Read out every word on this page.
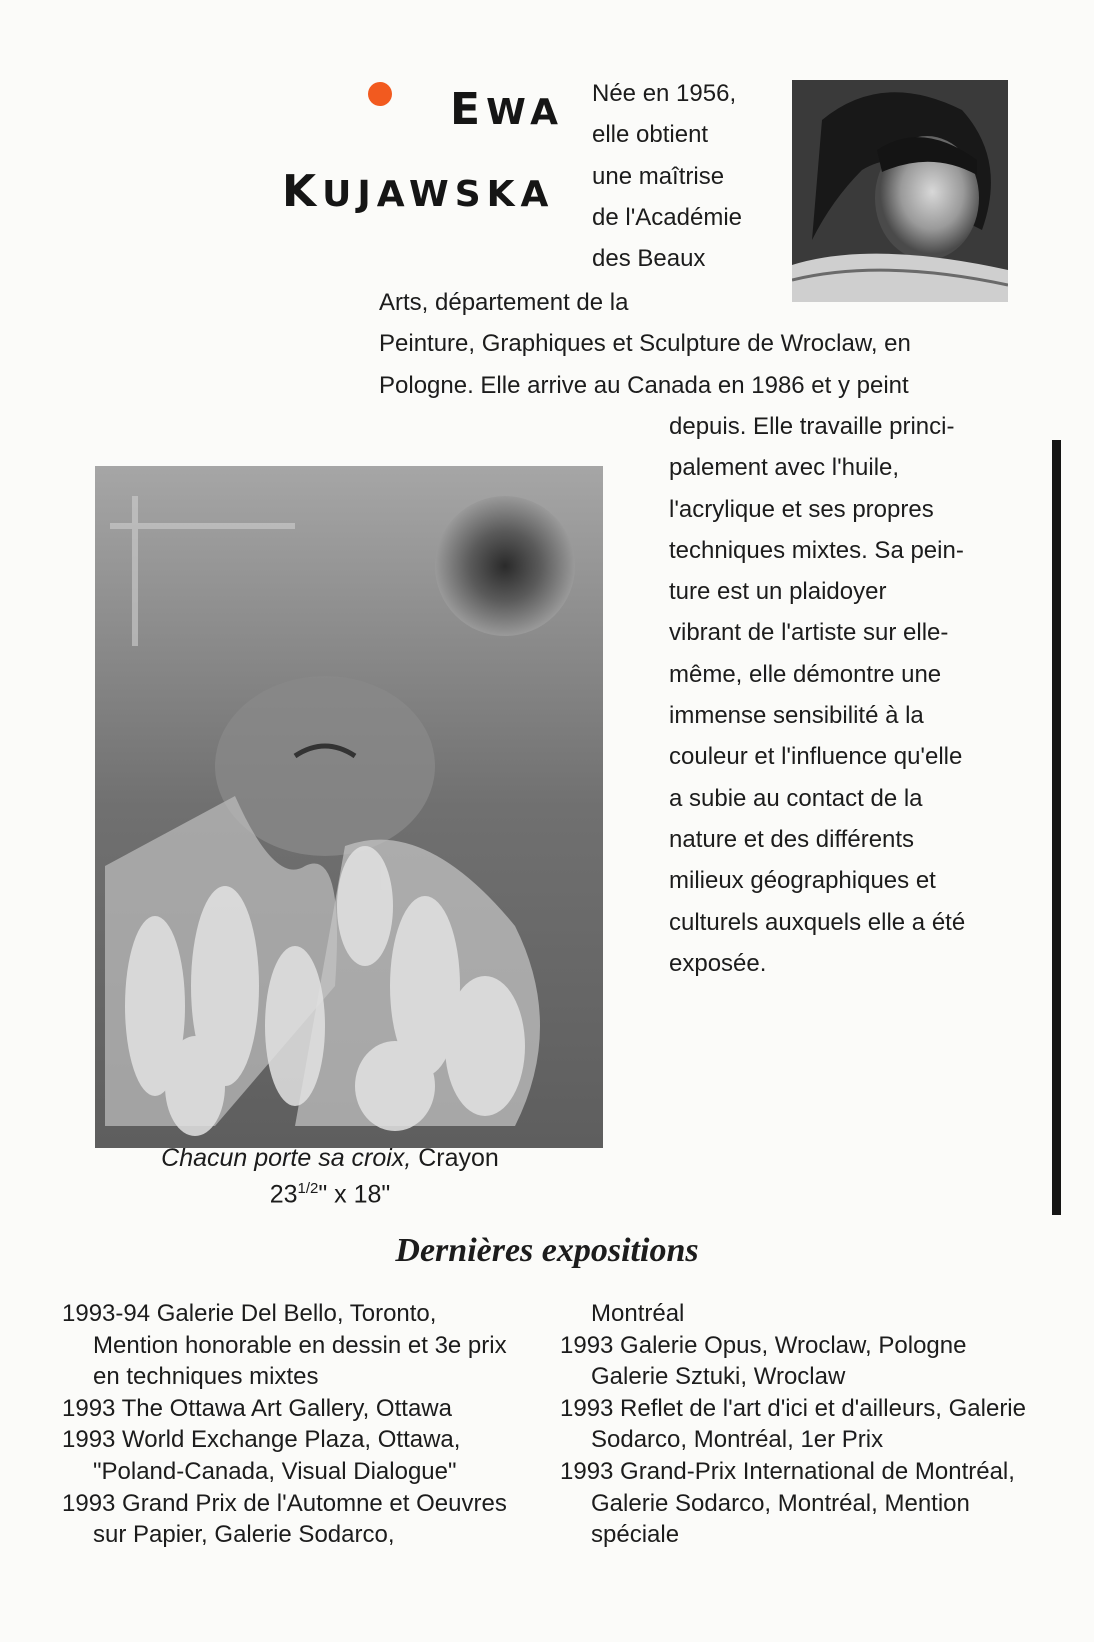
EWA
KUJAWSKA
Née en 1956,
elle obtient
une maîtrise
de l'Académie
des Beaux
Arts, département de la
Peinture, Graphiques et Sculpture de Wroclaw, en
Pologne. Elle arrive au Canada en 1986 et y peint
depuis. Elle travaille princi-
palement avec l'huile,
l'acrylique et ses propres
techniques mixtes. Sa pein-
ture est un plaidoyer
vibrant de l'artiste sur elle-
même, elle démontre une
immense sensibilité à la
couleur et l'influence qu'elle
a subie au contact de la
nature et des différents
milieux géographiques et
culturels auxquels elle a été
exposée.
Chacun porte sa croix, Crayon
$23^{1/2}$" x 18"
Dernières expositions
1993-94 Galerie Del Bello, Toronto, Mention honorable en dessin et 3e prix en techniques mixtes
1993 The Ottawa Art Gallery, Ottawa
1993 World Exchange Plaza, Ottawa, "Poland-Canada, Visual Dialogue"
1993 Grand Prix de l'Automne et Oeuvres sur Papier, Galerie Sodarco,
Montréal
1993 Galerie Opus, Wroclaw, Pologne Galerie Sztuki, Wroclaw
1993 Reflet de l'art d'ici et d'ailleurs, Galerie Sodarco, Montréal, 1er Prix
1993 Grand-Prix International de Montréal, Galerie Sodarco, Montréal, Mention spéciale
